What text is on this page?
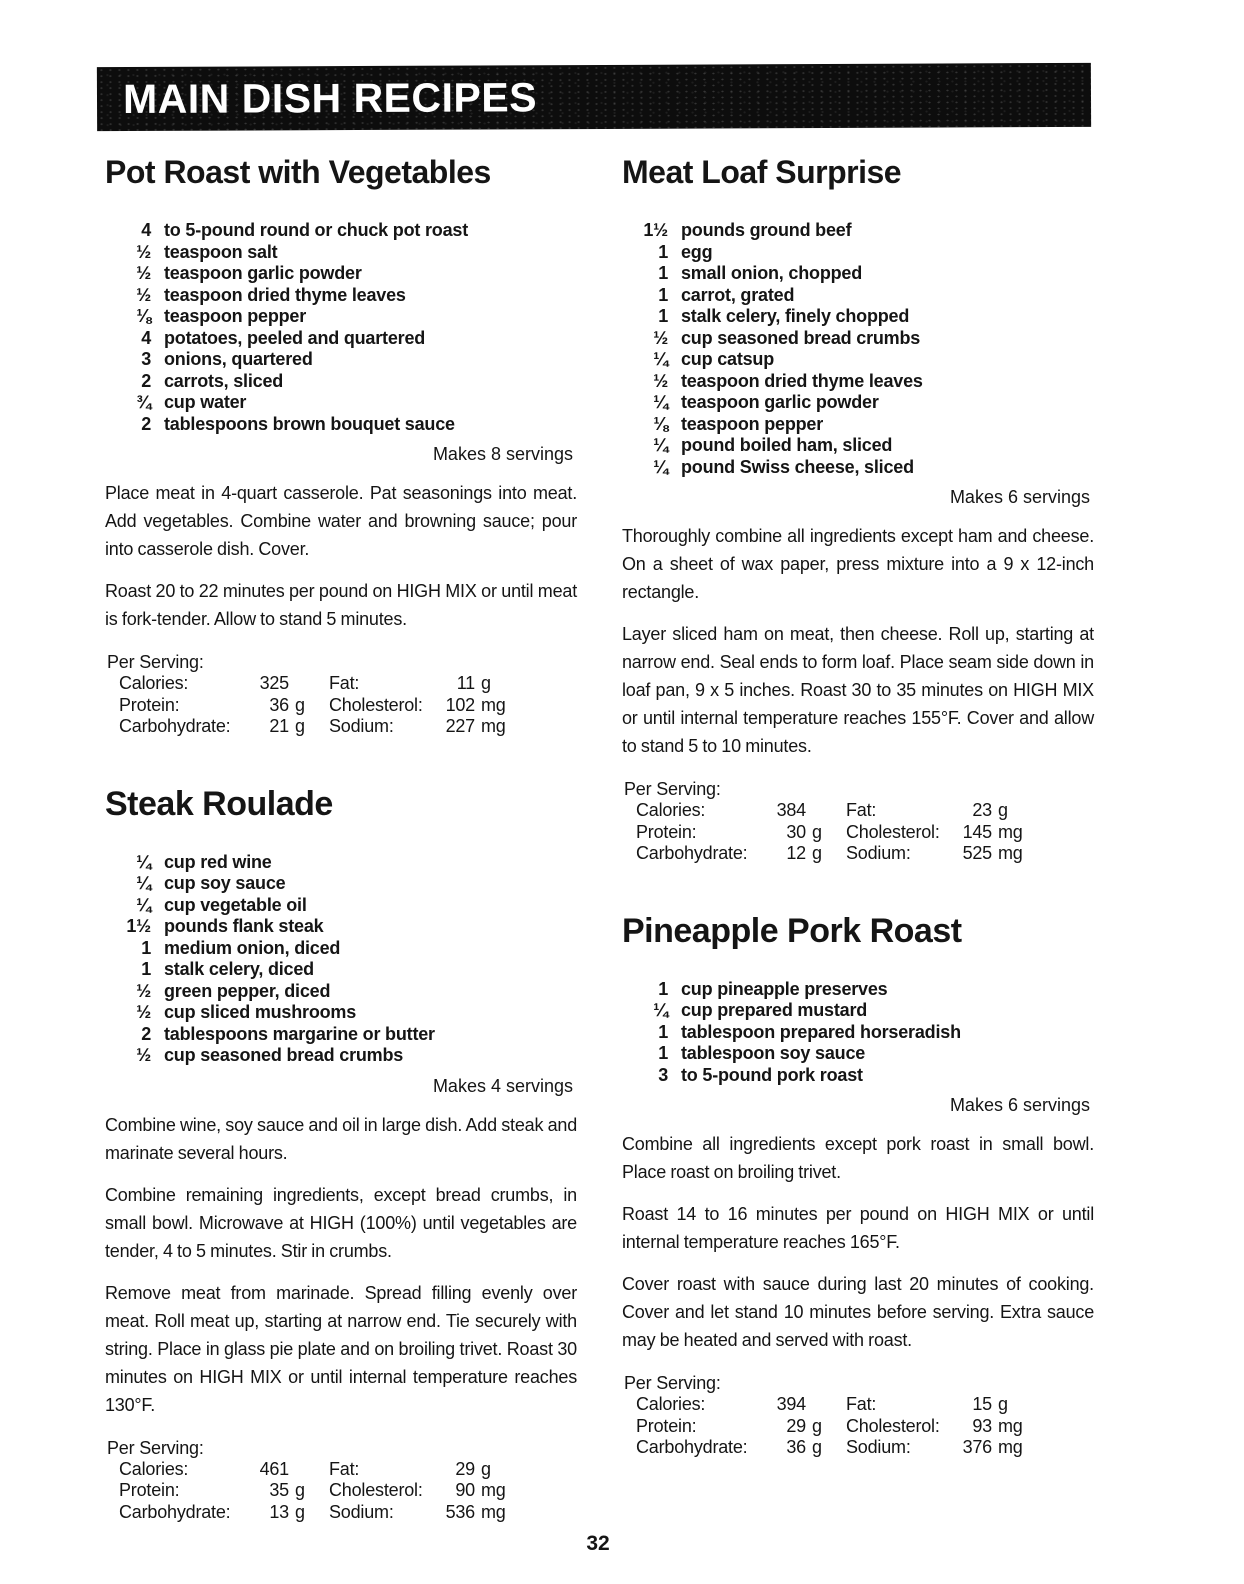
MAIN DISH RECIPES
Pot Roast with Vegetables
4 to 5-pound round or chuck pot roast
½ teaspoon salt
½ teaspoon garlic powder
½ teaspoon dried thyme leaves
⅛ teaspoon pepper
4 potatoes, peeled and quartered
3 onions, quartered
2 carrots, sliced
¾ cup water
2 tablespoons brown bouquet sauce
Makes 8 servings

Place meat in 4-quart casserole. Pat seasonings into meat. Add vegetables. Combine water and browning sauce; pour into casserole dish. Cover.

Roast 20 to 22 minutes per pound on HIGH MIX or until meat is fork-tender. Allow to stand 5 minutes.

Per Serving:
Calories:	325 Fat:	11 g
Protein:	36 g	Cholesterol:	102 mg
Carbohydrate:	21 g	Sodium:	227 mg
Steak Roulade
¼ cup red wine
¼ cup soy sauce
¼ cup vegetable oil
1½ pounds flank steak
1 medium onion, diced
1 stalk celery, diced
½ green pepper, diced
½ cup sliced mushrooms
2 tablespoons margarine or butter
½ cup seasoned bread crumbs
Makes 4 servings

Combine wine, soy sauce and oil in large dish. Add steak and marinate several hours.

Combine remaining ingredients, except bread crumbs, in small bowl. Microwave at HIGH (100%) until vegetables are tender, 4 to 5 minutes. Stir in crumbs.

Remove meat from marinade. Spread filling evenly over meat. Roll meat up, starting at narrow end. Tie securely with string. Place in glass pie plate and on broiling trivet. Roast 30 minutes on HIGH MIX or until internal temperature reaches 130°F.

Per Serving:
Calories:	461 Fat:	29 g
Protein:	35 g	Cholesterol:	90 mg
Carbohydrate:	13 g	Sodium:	536 mg
Meat Loaf Surprise
1½ pounds ground beef
1 egg
1 small onion, chopped
1 carrot, grated
1 stalk celery, finely chopped
½ cup seasoned bread crumbs
¼ cup catsup
½ teaspoon dried thyme leaves
¼ teaspoon garlic powder
⅛ teaspoon pepper
¼ pound boiled ham, sliced
¼ pound Swiss cheese, sliced
Makes 6 servings

Thoroughly combine all ingredients except ham and cheese. On a sheet of wax paper, press mixture into a 9 x 12-inch rectangle.

Layer sliced ham on meat, then cheese. Roll up, starting at narrow end. Seal ends to form loaf. Place seam side down in loaf pan, 9 x 5 inches. Roast 30 to 35 minutes on HIGH MIX or until internal temperature reaches 155°F. Cover and allow to stand 5 to 10 minutes.

Per Serving:
Calories:	384 Fat:	23 g
Protein:	30 g	Cholesterol:	145 mg
Carbohydrate:	12 g	Sodium:	525 mg
Pineapple Pork Roast
1 cup pineapple preserves
¼ cup prepared mustard
1 tablespoon prepared horseradish
1 tablespoon soy sauce
3 to 5-pound pork roast
Makes 6 servings

Combine all ingredients except pork roast in small bowl. Place roast on broiling trivet.

Roast 14 to 16 minutes per pound on HIGH MIX or until internal temperature reaches 165°F.

Cover roast with sauce during last 20 minutes of cooking. Cover and let stand 10 minutes before serving. Extra sauce may be heated and served with roast.

Per Serving:
Calories:	394 Fat:	15 g
Protein:	29 g	Cholesterol:	93 mg
Carbohydrate:	36 g	Sodium:	376 mg
32
